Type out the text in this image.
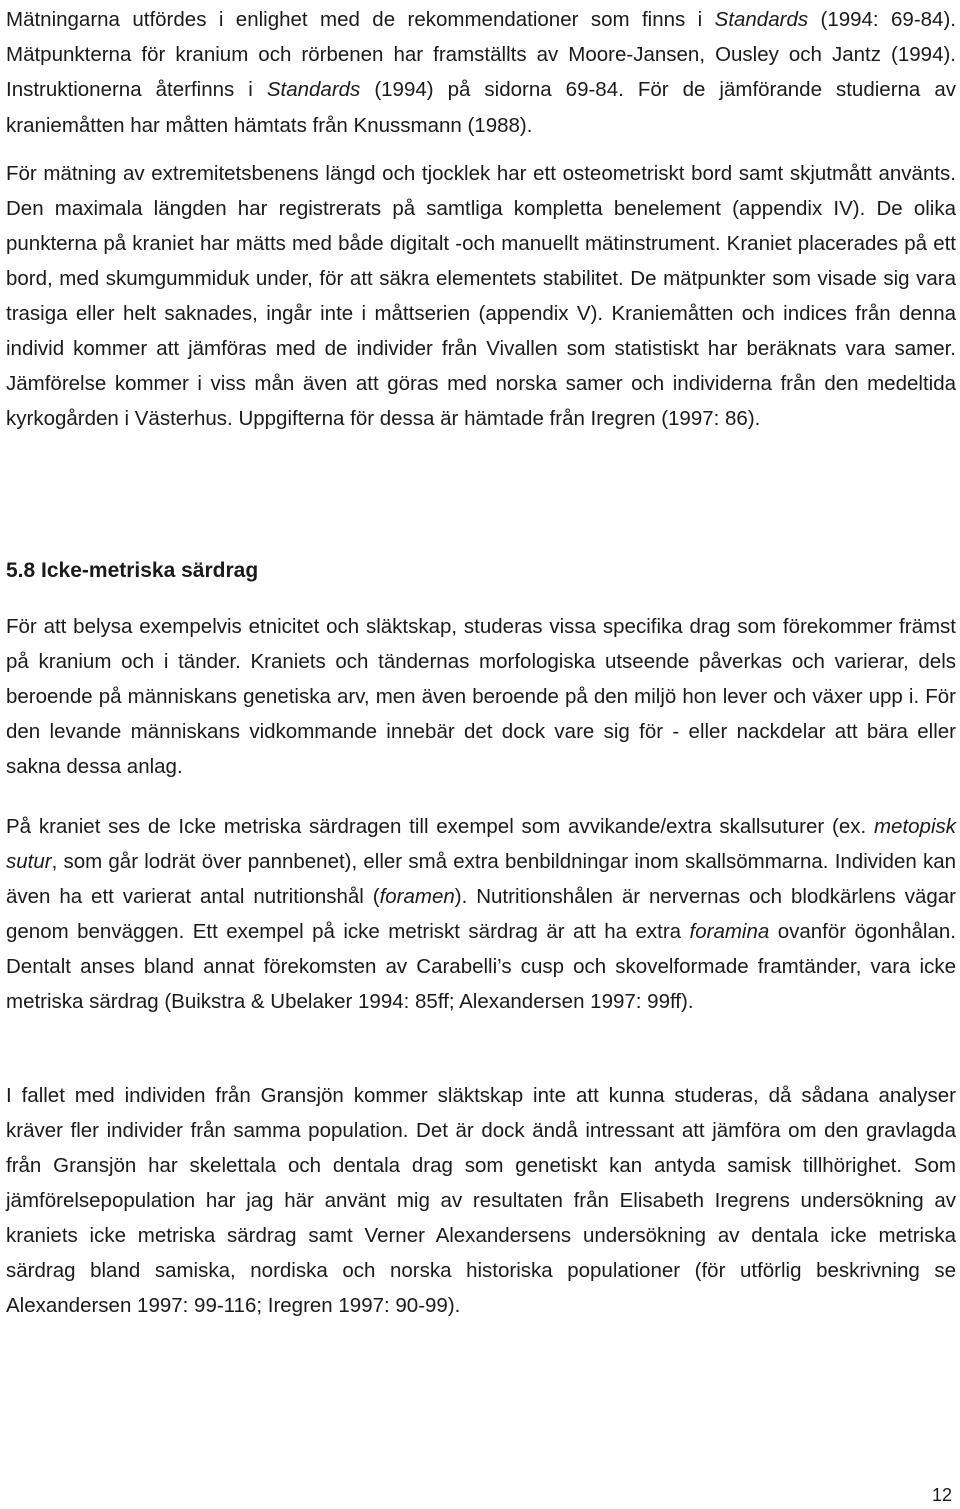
Mätningarna utfördes i enlighet med de rekommendationer som finns i Standards (1994: 69-84). Mätpunkterna för kranium och rörbenen har framställts av Moore-Jansen, Ousley och Jantz (1994). Instruktionerna återfinns i Standards (1994) på sidorna 69-84. För de jämförande studierna av kraniemåtten har måtten hämtats från Knussmann (1988).

För mätning av extremitetsbenens längd och tjocklek har ett osteometriskt bord samt skjutmått använts. Den maximala längden har registrerats på samtliga kompletta benelement (appendix IV). De olika punkterna på kraniet har mätts med både digitalt -och manuellt mätinstrument. Kraniet placerades på ett bord, med skumgummiduk under, för att säkra elementets stabilitet. De mätpunkter som visade sig vara trasiga eller helt saknades, ingår inte i måttserien (appendix V). Kraniemåtten och indices från denna individ kommer att jämföras med de individer från Vivallen som statistiskt har beräknats vara samer. Jämförelse kommer i viss mån även att göras med norska samer och individerna från den medeltida kyrkogården i Västerhus. Uppgifterna för dessa är hämtade från Iregren (1997: 86).

5.8 Icke-metriska särdrag

För att belysa exempelvis etnicitet och släktskap, studeras vissa specifika drag som förekommer främst på kranium och i tänder. Kraniets och tändernas morfologiska utseende påverkas och varierar, dels beroende på människans genetiska arv, men även beroende på den miljö hon lever och växer upp i. För den levande människans vidkommande innebär det dock vare sig för - eller nackdelar att bära eller sakna dessa anlag.

På kraniet ses de Icke metriska särdragen till exempel som avvikande/extra skallsuturer (ex. metopisk sutur, som går lodrät över pannbenet), eller små extra benbildningar inom skallsömmarna. Individen kan även ha ett varierat antal nutritionshål (foramen). Nutritionshålen är nervernas och blodkärlens vägar genom benväggen. Ett exempel på icke metriskt särdrag är att ha extra foramina ovanför ögonhålan. Dentalt anses bland annat förekomsten av Carabelli’s cusp och skovelformade framtänder, vara icke metriska särdrag (Buikstra & Ubelaker 1994: 85ff; Alexandersen 1997: 99ff).

I fallet med individen från Gransjön kommer släktskap inte att kunna studeras, då sådana analyser kräver fler individer från samma population. Det är dock ändå intressant att jämföra om den gravlagda från Gransjön har skelettala och dentala drag som genetiskt kan antyda samisk tillhörighet. Som jämförelsepopulation har jag här använt mig av resultaten från Elisabeth Iregrens undersökning av kraniets icke metriska särdrag samt Verner Alexandersens undersökning av dentala icke metriska särdrag bland samiska, nordiska och norska historiska populationer (för utförlig beskrivning se Alexandersen 1997: 99-116; Iregren 1997: 90-99).

12
